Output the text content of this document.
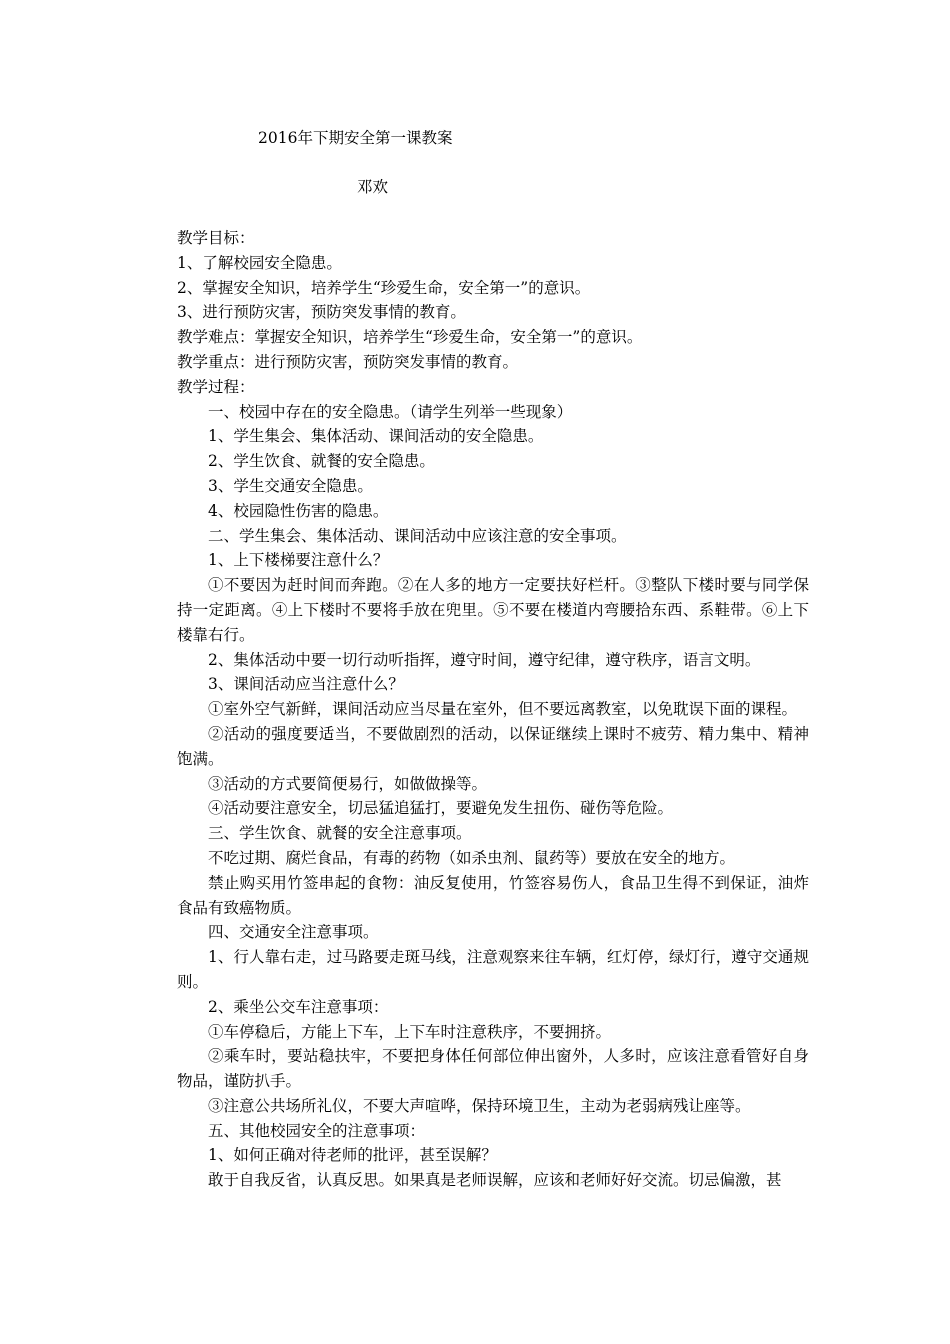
2016年下期安全第一课教案
邓欢

教学目标：

1、了解校园安全隐患。

2、掌握安全知识，培养学生“珍爱生命，安全第一”的意识。

3、进行预防灾害，预防突发事情的教育。

教学难点：掌握安全知识，培养学生“珍爱生命，安全第一”的意识。

教学重点：进行预防灾害，预防突发事情的教育。

教学过程：

一、校园中存在的安全隐患。（请学生列举一些现象）

1、学生集会、集体活动、课间活动的安全隐患。

2、学生饮食、就餐的安全隐患。

3、学生交通安全隐患。

4、校园隐性伤害的隐患。

二、学生集会、集体活动、课间活动中应该注意的安全事项。

1、上下楼梯要注意什么？

①不要因为赶时间而奔跑。②在人多的地方一定要扶好栏杆。③整队下楼时要与同学保持一定距离。④上下楼时不要将手放在兜里。⑤不要在楼道内弯腰拾东西、系鞋带。⑥上下楼靠右行。

2、集体活动中要一切行动听指挥，遵守时间，遵守纪律，遵守秩序，语言文明。

3、课间活动应当注意什么？

①室外空气新鲜，课间活动应当尽量在室外，但不要远离教室，以免耽误下面的课程。

②活动的强度要适当，不要做剧烈的活动，以保证继续上课时不疲劳、精力集中、精神饱满。

③活动的方式要简便易行，如做做操等。

④活动要注意安全，切忌猛追猛打，要避免发生扭伤、碰伤等危险。

三、学生饮食、就餐的安全注意事项。

不吃过期、腐烂食品，有毒的药物（如杀虫剂、鼠药等）要放在安全的地方。

禁止购买用竹签串起的食物：油反复使用，竹签容易伤人，食品卫生得不到保证，油炸食品有致癌物质。

四、交通安全注意事项。

1、行人靠右走，过马路要走斑马线，注意观察来往车辆，红灯停，绿灯行，遵守交通规则。

2、乘坐公交车注意事项：

①车停稳后，方能上下车，上下车时注意秩序，不要拥挤。

②乘车时，要站稳扶牢，不要把身体任何部位伸出窗外，人多时，应该注意看管好自身物品，谨防扒手。

③注意公共场所礼仪，不要大声喧哗，保持环境卫生，主动为老弱病残让座等。

五、其他校园安全的注意事项：

1、如何正确对待老师的批评，甚至误解？

敢于自我反省，认真反思。如果真是老师误解，应该和老师好好交流。切忌偏激，甚
